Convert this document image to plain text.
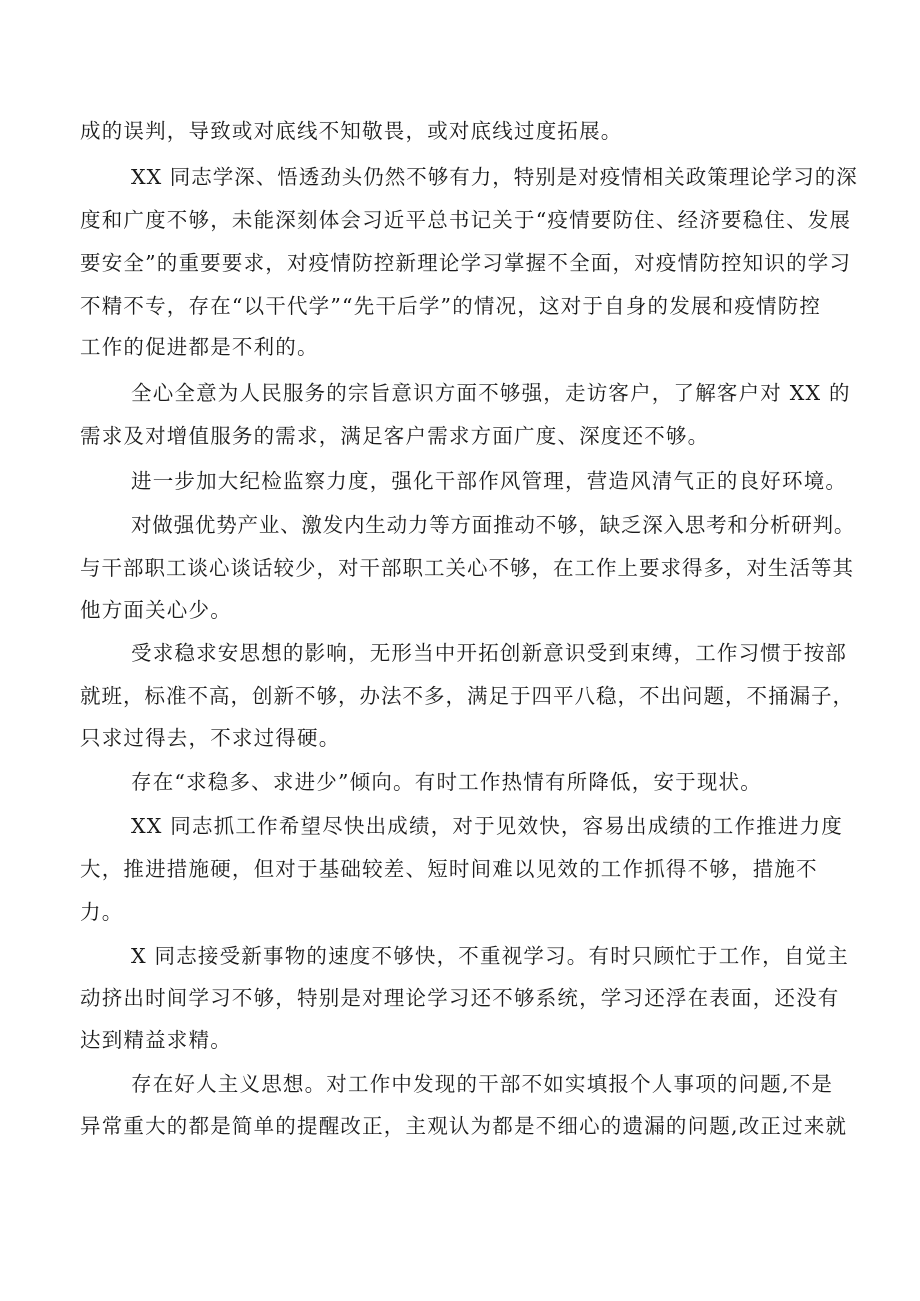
成的误判，导致或对底线不知敬畏，或对底线过度拓展。
XX 同志学深、悟透劲头仍然不够有力，特别是对疫情相关政策理论学习的深
度和广度不够，未能深刻体会习近平总书记关于“疫情要防住、经济要稳住、发展
要安全”的重要要求，对疫情防控新理论学习掌握不全面，对疫情防控知识的学习
不精不专，存在“以干代学”“先干后学”的情况，这对于自身的发展和疫情防控
工作的促进都是不利的。
全心全意为人民服务的宗旨意识方面不够强，走访客户，了解客户对 XX 的
需求及对增值服务的需求，满足客户需求方面广度、深度还不够。
进一步加大纪检监察力度，强化干部作风管理，营造风清气正的良好环境。
对做强优势产业、激发内生动力等方面推动不够，缺乏深入思考和分析研判。
与干部职工谈心谈话较少，对干部职工关心不够，在工作上要求得多，对生活等其
他方面关心少。
受求稳求安思想的影响，无形当中开拓创新意识受到束缚，工作习惯于按部
就班，标准不高，创新不够，办法不多，满足于四平八稳，不出问题，不捅漏子，
只求过得去，不求过得硬。
存在“求稳多、求进少”倾向。有时工作热情有所降低，安于现状。
XX 同志抓工作希望尽快出成绩，对于见效快，容易出成绩的工作推进力度
大，推进措施硬，但对于基础较差、短时间难以见效的工作抓得不够，措施不
力。
X 同志接受新事物的速度不够快，不重视学习。有时只顾忙于工作，自觉主
动挤出时间学习不够，特别是对理论学习还不够系统，学习还浮在表面，还没有
达到精益求精。
存在好人主义思想。对工作中发现的干部不如实填报个人事项的问题,不是
异常重大的都是简单的提醒改正，主观认为都是不细心的遗漏的问题,改正过来就
